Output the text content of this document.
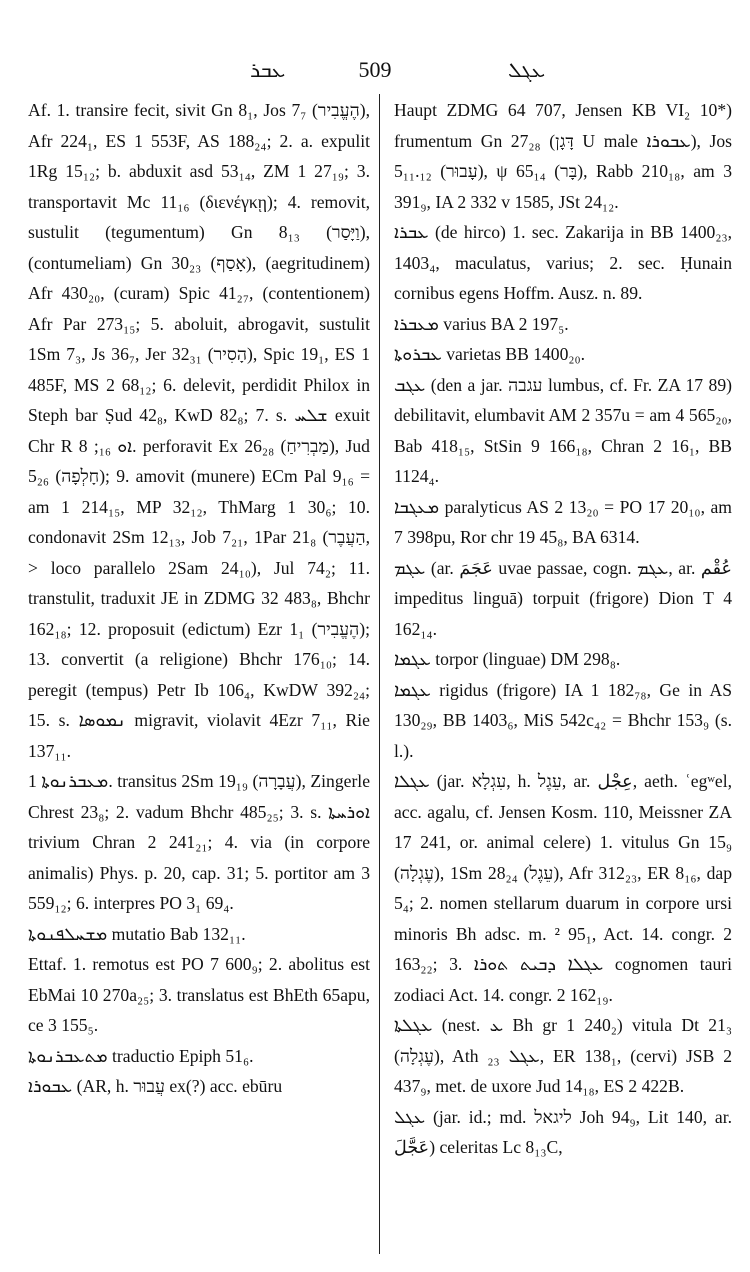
ܥܒܪ	509	ܥܓܠ

Af. 1. transire fecit, sivit Gn 8₁, Jos 7₇ (הֶעֱבִיר), Afr 224₁, ES 1 553F, AS 188₂₄; 2. a. expulit 1Rg 15₁₂; b. abduxit asd 53₁₄, ZM 1 27₁₉; 3. transportavit Mc 11₁₆ (διενέγκῃ); 4. removit, sustulit (tegumentum) Gn 8₁₃ (וַיָּסַר), (contumeliam) Gn 30₂₃ (אָסַף), (aegritudinem) Afr 430₂₀, (curam) Spic 41₂₇, (contentionem) Afr Par 273₁₅; 5. aboluit, abrogavit, sustulit 1Sm 7₃, Js 36₇, Jer 32₃₁ (הָסִיר), Spic 19₁, ES 1 485F, MS 2 68₁₂; 6. delevit, perdidit Philox in Steph bar Ṣud 42₈, KwD 82₈; 7. s. ܫܠܚ exuit Chr R ܐܘ ₁₆; 8. perforavit Ex 26₂₈ (מַבְרִיחַ), Jud 5₂₆ (חָלְפָה); 9. amovit (munere) ECm Pal 9₁₆ = am 1 214₁₅, MP 32₁₂, ThMarg 1 30₆; 10. condonavit 2Sm 12₁₃, Job 7₂₁, 1Par 21₈ (הַעֲבֶר, > loco parallelo 2Sam 24₁₀), Jul 74₂; 11. transtulit, traduxit JE in ZDMG 32 483₈, Bhchr 162₁₈; 12. proposuit (edictum) Ezr 1₁ (הֶעֱבִיר); 13. convertit (a religione) Bhchr 176₁₀; 14. peregit (tempus) Petr Ib 106₄, KwDW 392₂₄; 15. s. ܢܡܘܣܐ migravit, violavit 4Ezr 7₁₁, Rie 137₁₁.

ܡܥܒܪܢܘܬܐ 1. transitus 2Sm 19₁₉ (עֲבָרָה), Zingerle Chrest 23₈; 2. vadum Bhchr 485₂₅; 3. s. ܐܘܪܚܬܐ trivium Chran 2 241₂₁; 4. via (in corpore animalis) Phys. p. 20, cap. 31; 5. portitor am 3 559₁₂; 6. interpres PO 3₁ 69₄.

ܡܫܚܠܦܢܘܬܐ mutatio Bab 132₁₁.

Ettaf. 1. remotus est PO 7 600₉; 2. abolitus est EbMai 10 270a₂₅; 3. translatus est BhEth 65apu, ce 3 155₅.

ܡܬܥܒܪܢܘܬܐ traductio Epiph 51₆.

ܥܒܘܪܐ (AR, h. עֲבוּר ex(?) acc. ebūru

Haupt ZDMG 64 707, Jensen KB VI₂ 10*) frumentum Gn 27₂₈ (דָּגָן U male ܥܒܘܪܐ), Jos 5₁₁.₁₂ (עָבוּר), ψ 65₁₄ (בָּר), Rabb 210₁₈, am 3 391₉, IA 2 332 v 1585, JSt 24₁₂.

ܥܒܪܐ (de hirco) 1. sec. Zakarija in BB 1400₂₃, 1403₄, maculatus, varius; 2. sec. Ḥunain cornibus egens Hoffm. Ausz. n. 89.

ܡܥܒܪܐ varius BA 2 197₅.

ܥܒܪܘܬܐ varietas BB 1400₂₀.

ܥܓܒ (den a jar. עגבה lumbus, cf. Fr. ZA 17 89) debilitavit, elumbavit AM 2 357u = am 4 565₂₀, Bab 418₁₅, StSin 9 166₁₈, Chran 2 16₁, BB 1124₄.

ܡܥܓܒܐ paralyticus AS 2 13₂₀ = PO 17 20₁₀, am 7 398pu, Ror chr 19 45₈, BA 6314.

ܥܓܡ (ar. عَجَمَ uvae passae, cogn. ܥܓܡ, ar. عُقْم impeditus linguā) torpuit (frigore) Dion T 4 162₁₄.

ܥܓܡܐ torpor (linguae) DM 298₈.

ܥܓܡܐ rigidus (frigore) IA 1 182₇₈, Ge in AS 130₂₉, BB 1403₆, MiS 542c₄₂ = Bhchr 153₉ (s. l.).

ܥܓܠܐ (jar. עִגְלָא, h. עֵגֶל, ar. عِجْل, aeth. ʿegʷel, acc. agalu, cf. Jensen Kosm. 110, Meissner ZA 17 241, or. animal celere) 1. vitulus Gn 15₉ (עֶגְלָה), 1Sm 28₂₄ (עֵגֶל), Afr 312₂₃, ER 8₁₆, dap 5₄; 2. nomen stellarum duarum in corpore ursi minoris Bh adsc. m. ² 95₁, Act. 14. congr. 2 163₂₂; 3. ܥܓܠܐ ܕܒܝܬ ܬܘܪܐ cognomen tauri zodiaci Act. 14. congr. 2 162₁₉.

ܥܓܠܬܐ (nest. ܥ Bh gr 1 240₂) vitula Dt 21₃ (עֶגְלָה), Ath ܥܓܠ ₂₃, ER 138₁, (cervi) JSB 2 437₉, met. de uxore Jud 14₁₈, ES 2 422B.

ܥܓܠ (jar. id.; md. ליגאל Joh 94₉, Lit 140, ar. عَجَّلَ) celeritas Lc 8₁₃C,
